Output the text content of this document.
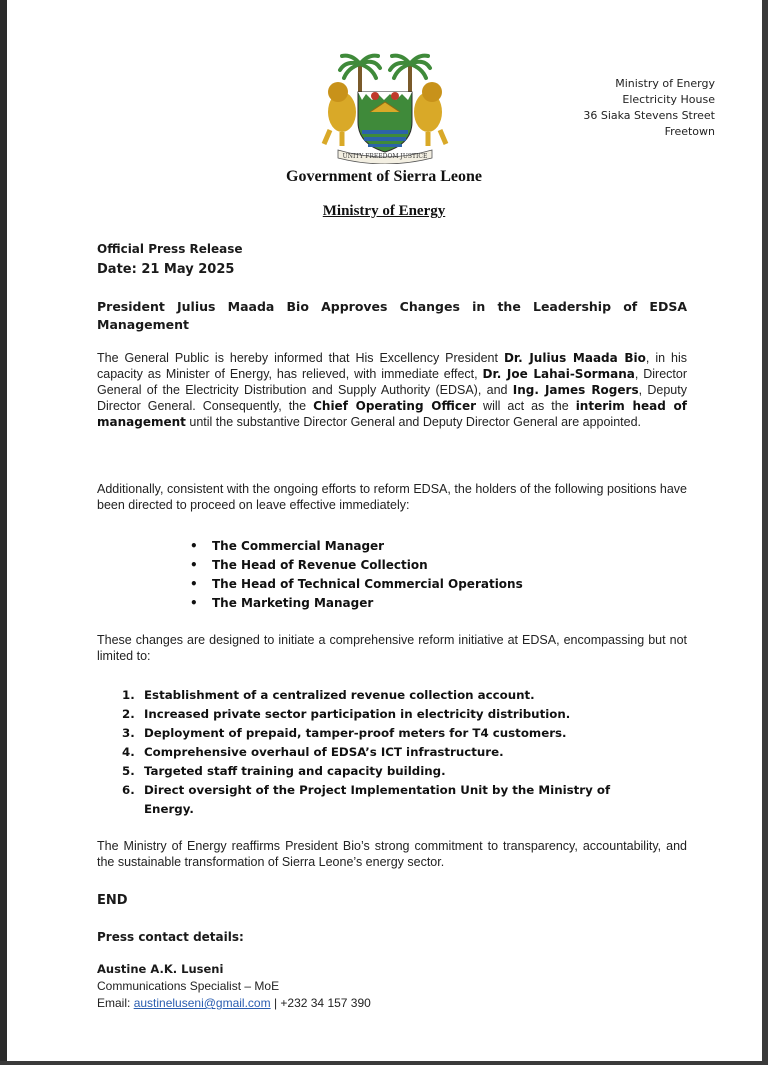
UNITY FREEDOM JUSTICE
Ministry of Energy
Electricity House
36 Siaka Stevens Street
Freetown
Government of Sierra Leone
Ministry of Energy
Official Press Release
Date: 21 May 2025
President Julius Maada Bio Approves Changes in the Leadership of EDSA Management
The General Public is hereby informed that His Excellency President Dr. Julius Maada Bio, in his capacity as Minister of Energy, has relieved, with immediate effect, Dr. Joe Lahai-Sormana, Director General of the Electricity Distribution and Supply Authority (EDSA), and Ing. James Rogers, Deputy Director General. Consequently, the Chief Operating Officer will act as the interim head of management until the substantive Director General and Deputy Director General are appointed.
Additionally, consistent with the ongoing efforts to reform EDSA, the holders of the following positions have been directed to proceed on leave effective immediately:
• The Commercial Manager
• The Head of Revenue Collection
• The Head of Technical Commercial Operations
• The Marketing Manager
These changes are designed to initiate a comprehensive reform initiative at EDSA, encompassing but not limited to:
1. Establishment of a centralized revenue collection account.
2. Increased private sector participation in electricity distribution.
3. Deployment of prepaid, tamper-proof meters for T4 customers.
4. Comprehensive overhaul of EDSA’s ICT infrastructure.
5. Targeted staff training and capacity building.
6. Direct oversight of the Project Implementation Unit by the Ministry of Energy.
The Ministry of Energy reaffirms President Bio’s strong commitment to transparency, accountability, and the sustainable transformation of Sierra Leone’s energy sector.
END
Press contact details:
Austine A.K. Luseni
Communications Specialist – MoE
Email: austineluseni@gmail.com | +232 34 157 390
